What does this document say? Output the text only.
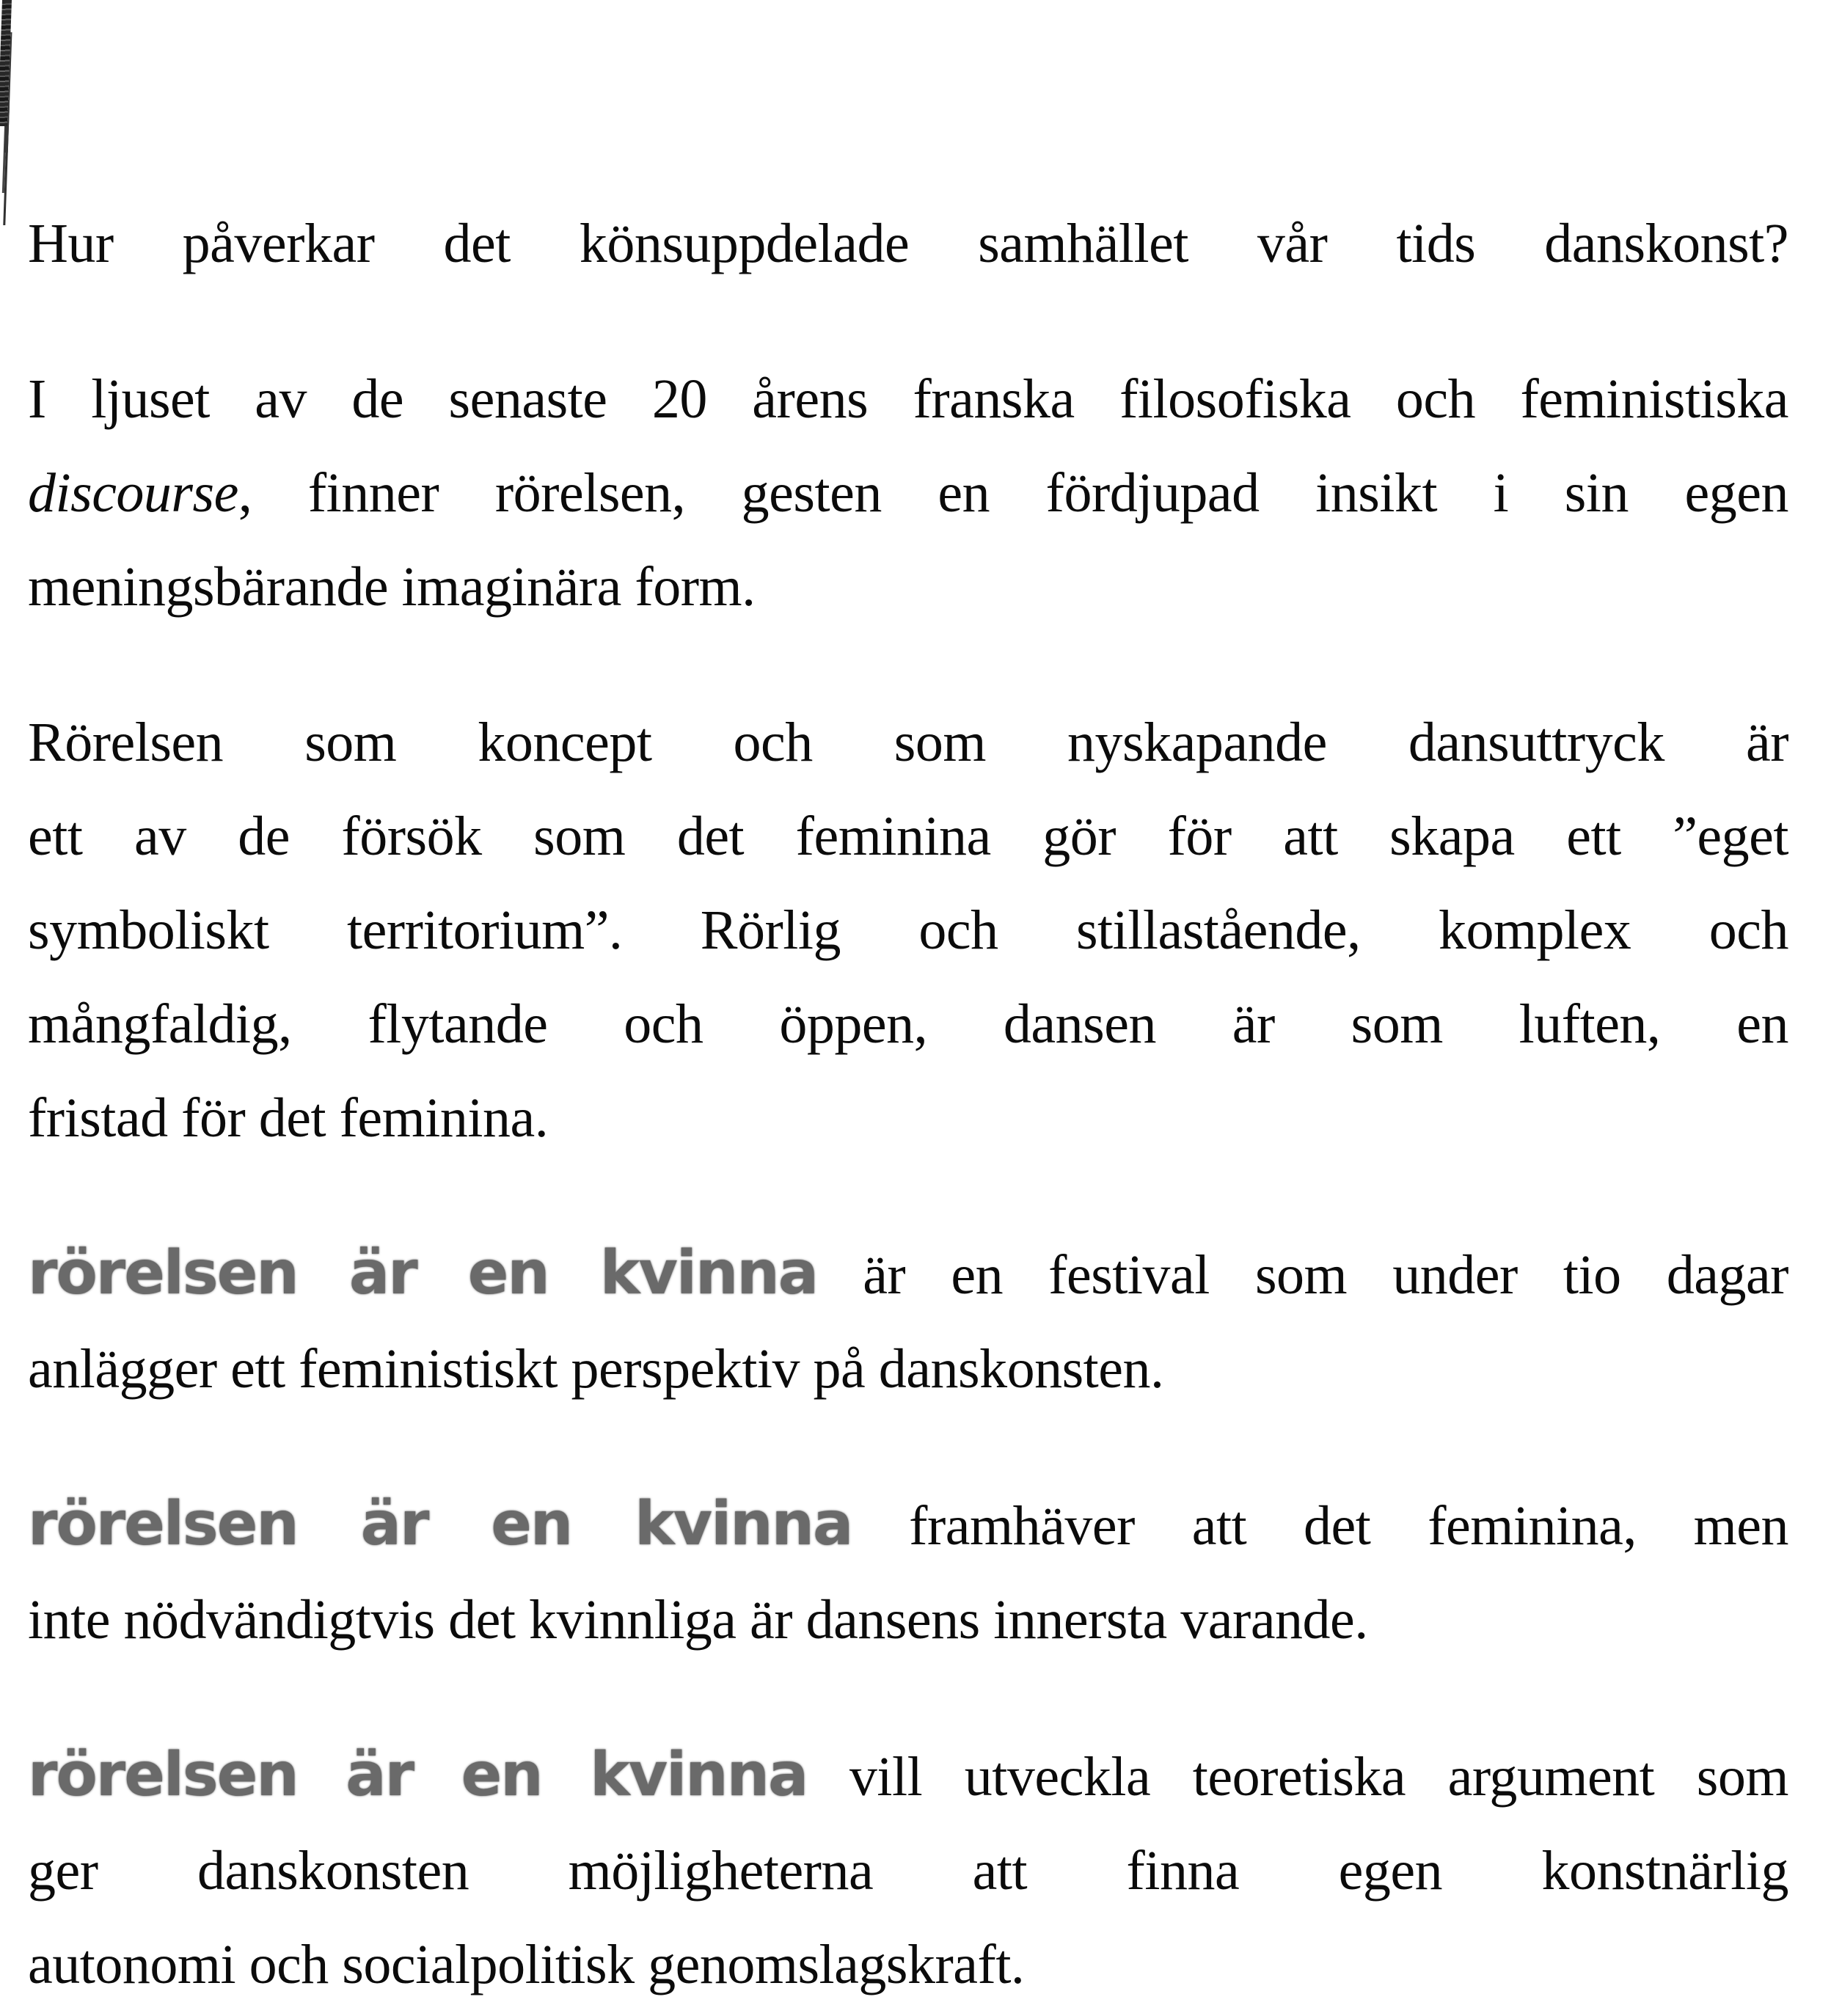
Hur påverkar det könsuppdelade samhället vår tids danskonst?

I ljuset av de senaste 20 årens franska filosofiska och feministiska
discourse, finner rörelsen, gesten en fördjupad insikt i sin egen
meningsbärande imaginära form.

Rörelsen som koncept och som nyskapande dansuttryck är
ett av de försök som det feminina gör för att skapa ett ”eget
symboliskt territorium”. Rörlig och stillastående, komplex och
mångfaldig, flytande och öppen, dansen är som luften, en
fristad för det feminina.

rörelsen är en kvinna är en festival som under tio dagar
anlägger ett feministiskt perspektiv på danskonsten.

rörelsen är en kvinna framhäver att det feminina, men
inte nödvändigtvis det kvinnliga är dansens innersta varande.

rörelsen är en kvinna vill utveckla teoretiska argument som
ger danskonsten möjligheterna att finna egen konstnärlig
autonomi och socialpolitisk genomslagskraft.
